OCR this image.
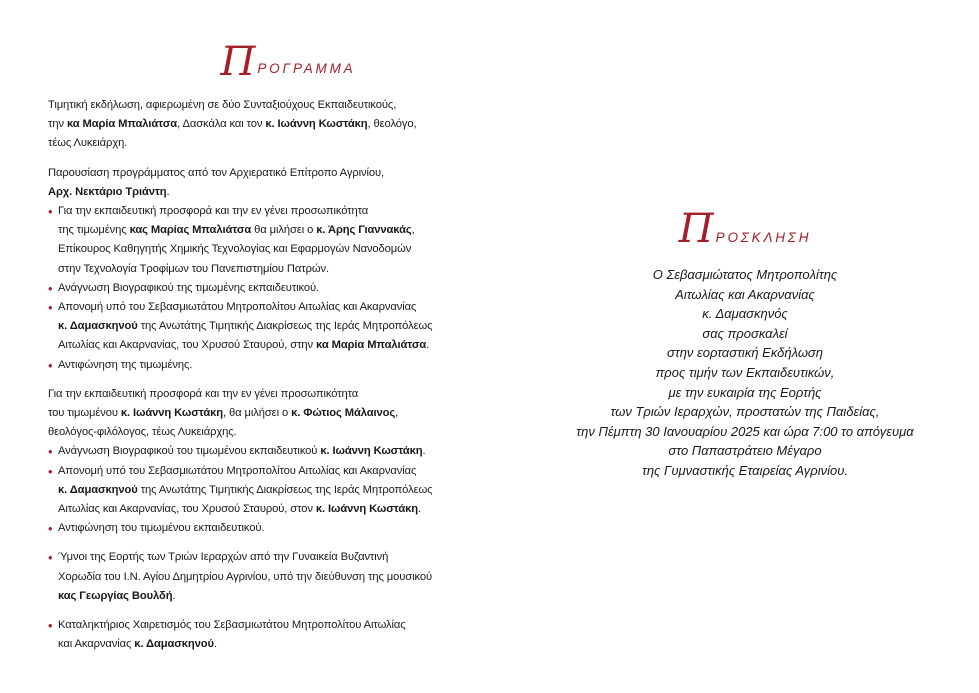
Π ΡΟΓΡΑΜΜΑ
Τιμητική εκδήλωση, αφιερωμένη σε δύο Συνταξιούχους Εκπαιδευτικούς,
την κα Μαρία Μπαλιάτσα, Δασκάλα και τον κ. Ιωάννη Κωστάκη, θεολόγο,
τέως Λυκειάρχη.
Παρουσίαση προγράμματος από τον Αρχιερατικό Επίτροπο Αγρινίου,
Αρχ. Νεκτάριο Τριάντη.
• Για την εκπαιδευτική προσφορά και την εν γένει προσωπικότητα
της τιμωμένης κας Μαρίας Μπαλιάτσα θα μιλήσει ο κ. Άρης Γιαννακάς,
Επίκουρος Καθηγητής Χημικής Τεχνολογίας και Εφαρμογών Νανοδομών
στην Τεχνολογία Τροφίμων του Πανεπιστημίου Πατρών.
• Ανάγνωση Βιογραφικού της τιμωμένης εκπαιδευτικού.
• Απονομή υπό του Σεβασμιωτάτου Μητροπολίτου Αιτωλίας και Ακαρνανίας
κ. Δαμασκηνού της Ανωτάτης Τιμητικής Διακρίσεως της Ιεράς Μητροπόλεως
Αιτωλίας και Ακαρνανίας, του Χρυσού Σταυρού, στην κα Μαρία Μπαλιάτσα.
• Αντιφώνηση της τιμωμένης.
Για την εκπαιδευτική προσφορά και την εν γένει προσωπικότητα
του τιμωμένου κ. Ιωάννη Κωστάκη, θα μιλήσει ο κ. Φώτιος Μάλαινος,
θεολόγος-φιλόλογος, τέως Λυκειάρχης.
• Ανάγνωση Βιογραφικού του τιμωμένου εκπαιδευτικού κ. Ιωάννη Κωστάκη.
• Απονομή υπό του Σεβασμιωτάτου Μητροπολίτου Αιτωλίας και Ακαρνανίας
κ. Δαμασκηνού της Ανωτάτης Τιμητικής Διακρίσεως της Ιεράς Μητροπόλεως
Αιτωλίας και Ακαρνανίας, του Χρυσού Σταυρού, στον κ. Ιωάννη Κωστάκη.
• Αντιφώνηση του τιμωμένου εκπαιδευτικού.
• Ύμνοι της Εορτής των Τριών Ιεραρχών από την Γυναικεία Βυζαντινή
Χορωδία του Ι.Ν. Αγίου Δημητρίου Αγρινίου, υπό την διεύθυνση της μουσικού
κας Γεωργίας Βουλδή.
• Καταληκτήριος Χαιρετισμός του Σεβασμιωτάτου Μητροπολίτου Αιτωλίας
και Ακαρνανίας κ. Δαμασκηνού.
Π ΡΟΣΚΛΗΣΗ
Ο Σεβασμιώτατος Μητροπολίτης
Αιτωλίας και Ακαρνανίας
κ. Δαμασκηνός
σας προσκαλεί
στην εορταστική Εκδήλωση
προς τιμήν των Εκπαιδευτικών,
με την ευκαιρία της Εορτής
των Τριών Ιεραρχών, προστατών της Παιδείας,
την Πέμπτη 30 Ιανουαρίου 2025 και ώρα 7:00 το απόγευμα
στο Παπαστράτειο Μέγαρο
της Γυμναστικής Εταιρείας Αγρινίου.
